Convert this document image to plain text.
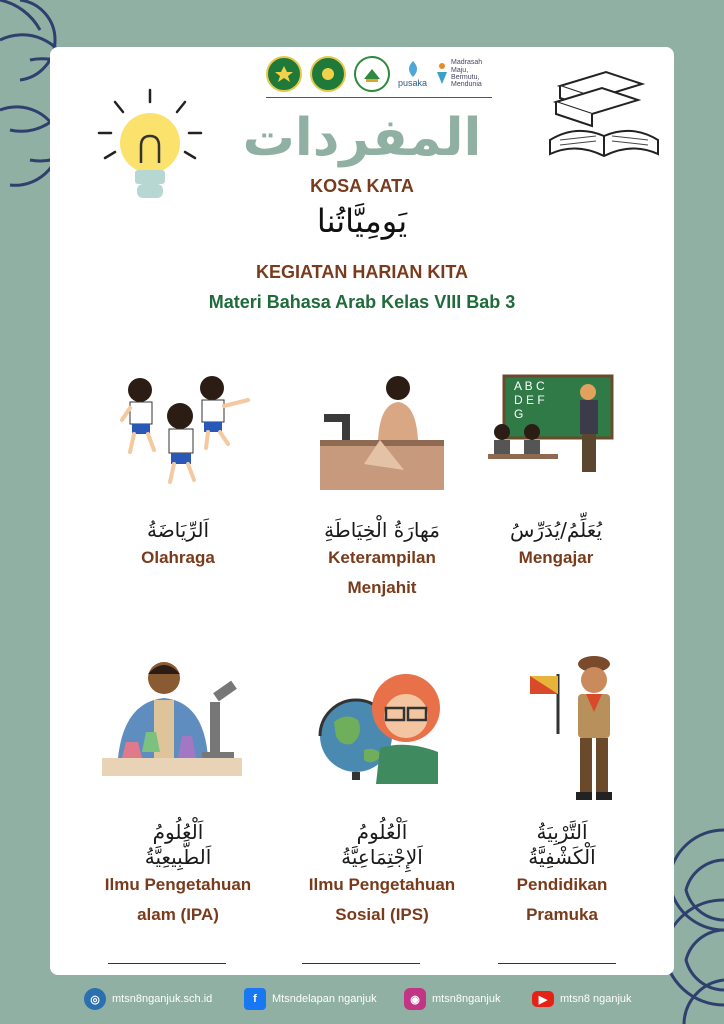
pusaka
Madrasah Maju, Bermutu, Mendunia
المفردات
KOSA KATA
يَومِيَّاتُنا
KEGIATAN HARIAN KITA
Materi Bahasa Arab Kelas VIII Bab 3
A B C
D E F
G
اَلرِّيَاضَةُ
Olahraga
مَهارَةُ الْخِيَاطَةِ
Keterampilan
Menjahit
يُعَلِّمُ/يُدَرِّسُ
Mengajar
اَلْعُلُومُ
اَلطَّبِيعِيَّةُ
Ilmu Pengetahuan
alam (IPA)
اَلْعُلُومُ
اَلإِجْتِمَاعِيَّةُ
Ilmu Pengetahuan
Sosial (IPS)
اَلتَّرْبِيَةُ
اَلْكَشْفِيَّةُ
Pendidikan
Pramuka
◎	mtsn8nganjuk.sch.id	f	Mtsndelapan nganjuk	◉	mtsn8nganjuk	▶	mtsn8 nganjuk
